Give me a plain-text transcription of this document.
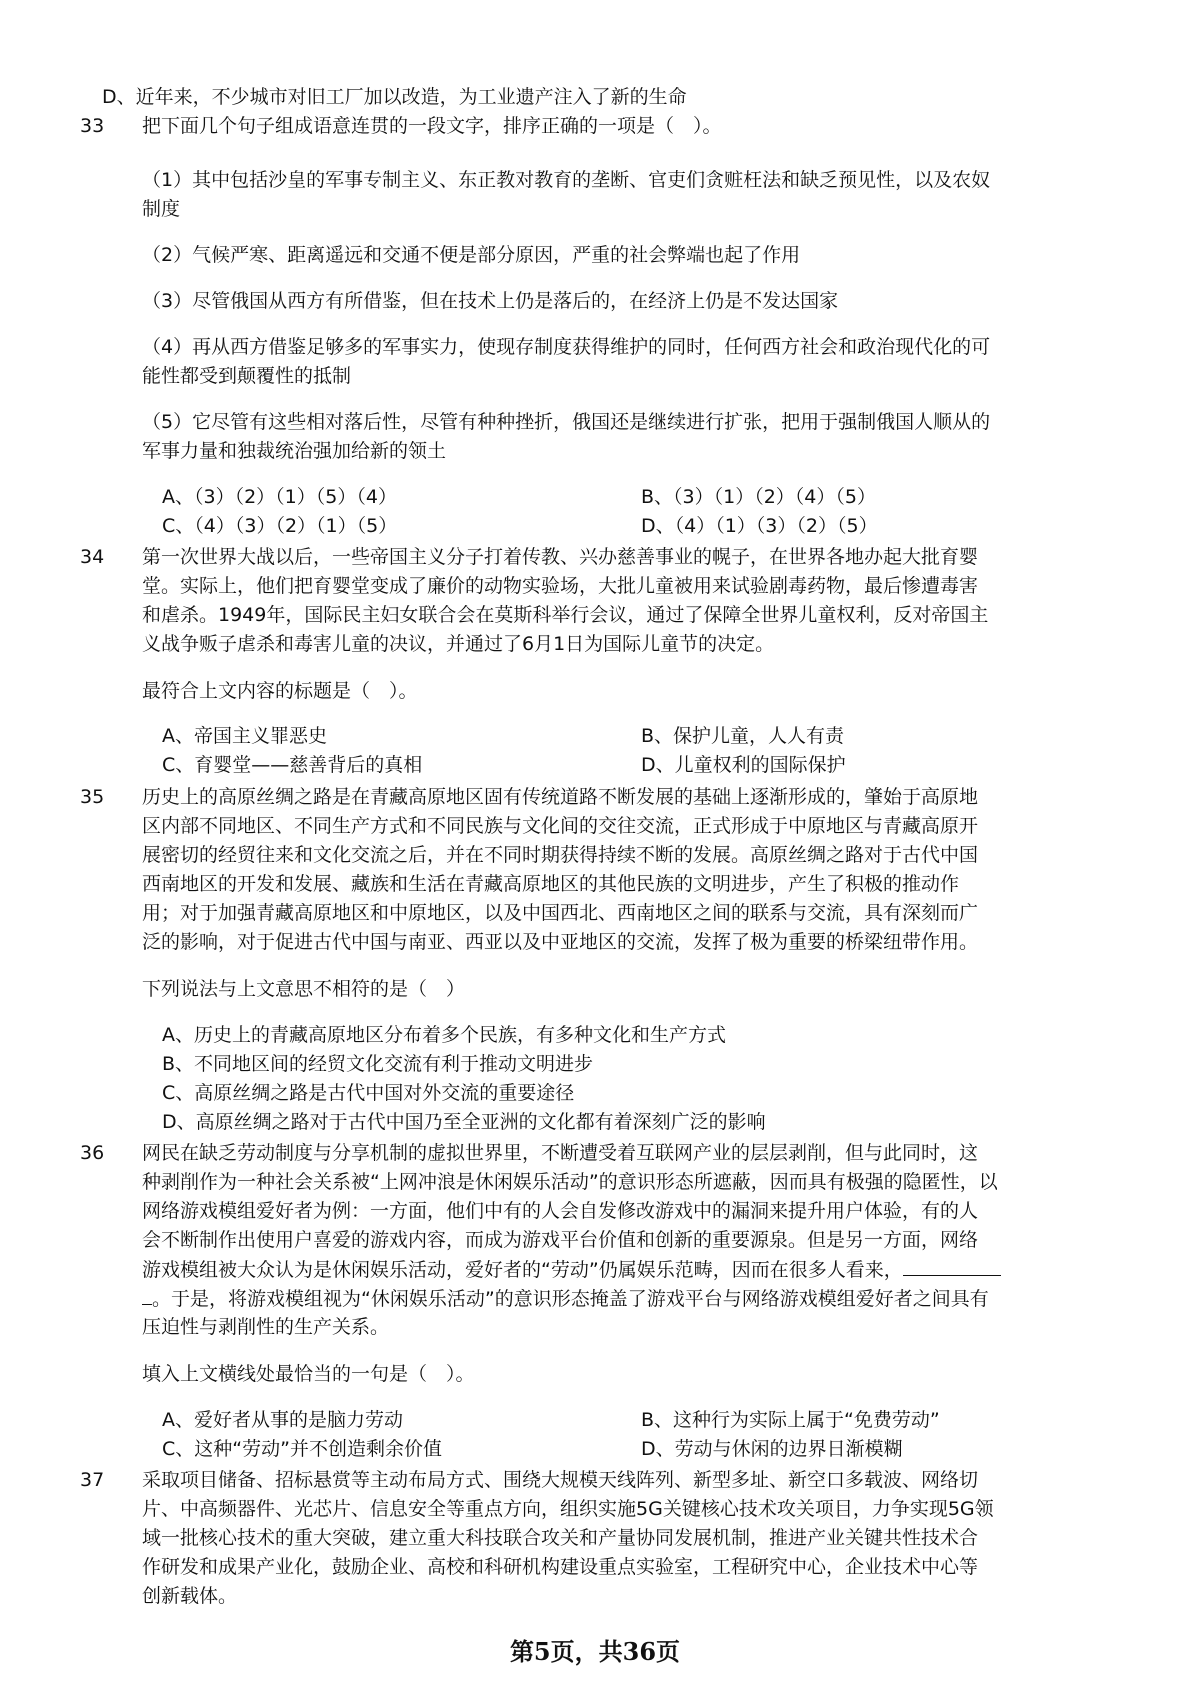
D、近年来，不少城市对旧工厂加以改造，为工业遗产注入了新的生命
33	把下面几个句子组成语意连贯的一段文字，排序正确的一项是（　）。
（1）其中包括沙皇的军事专制主义、东正教对教育的垄断、官吏们贪赃枉法和缺乏预见性，以及农奴
制度
（2）气候严寒、距离遥远和交通不便是部分原因，严重的社会弊端也起了作用
（3）尽管俄国从西方有所借鉴，但在技术上仍是落后的，在经济上仍是不发达国家
（4）再从西方借鉴足够多的军事实力，使现存制度获得维护的同时，任何西方社会和政治现代化的可
能性都受到颠覆性的抵制
（5）它尽管有这些相对落后性，尽管有种种挫折，俄国还是继续进行扩张，把用于强制俄国人顺从的
军事力量和独裁统治强加给新的领土
A、（3）（2）（1）（5）（4）	B、（3）（1）（2）（4）（5）
C、（4）（3）（2）（1）（5）	D、（4）（1）（3）（2）（5）
34	第一次世界大战以后，一些帝国主义分子打着传教、兴办慈善事业的幌子，在世界各地办起大批育婴
堂。实际上，他们把育婴堂变成了廉价的动物实验场，大批儿童被用来试验剧毒药物，最后惨遭毒害
和虐杀。1949年，国际民主妇女联合会在莫斯科举行会议，通过了保障全世界儿童权利，反对帝国主
义战争贩子虐杀和毒害儿童的决议，并通过了6月1日为国际儿童节的决定。
最符合上文内容的标题是（　）。
A、帝国主义罪恶史	B、保护儿童，人人有责
C、育婴堂——慈善背后的真相	D、儿童权利的国际保护
35	历史上的高原丝绸之路是在青藏高原地区固有传统道路不断发展的基础上逐渐形成的，肇始于高原地
区内部不同地区、不同生产方式和不同民族与文化间的交往交流，正式形成于中原地区与青藏高原开
展密切的经贸往来和文化交流之后，并在不同时期获得持续不断的发展。高原丝绸之路对于古代中国
西南地区的开发和发展、藏族和生活在青藏高原地区的其他民族的文明进步，产生了积极的推动作
用；对于加强青藏高原地区和中原地区，以及中国西北、西南地区之间的联系与交流，具有深刻而广
泛的影响，对于促进古代中国与南亚、西亚以及中亚地区的交流，发挥了极为重要的桥梁纽带作用。
下列说法与上文意思不相符的是（　）
A、历史上的青藏高原地区分布着多个民族，有多种文化和生产方式
B、不同地区间的经贸文化交流有利于推动文明进步
C、高原丝绸之路是古代中国对外交流的重要途径
D、高原丝绸之路对于古代中国乃至全亚洲的文化都有着深刻广泛的影响
36	网民在缺乏劳动制度与分享机制的虚拟世界里，不断遭受着互联网产业的层层剥削，但与此同时，这
种剥削作为一种社会关系被“上网冲浪是休闲娱乐活动”的意识形态所遮蔽，因而具有极强的隐匿性，以
网络游戏模组爱好者为例：一方面，他们中有的人会自发修改游戏中的漏洞来提升用户体验，有的人
会不断制作出使用户喜爱的游戏内容，而成为游戏平台价值和创新的重要源泉。但是另一方面，网络
游戏模组被大众认为是休闲娱乐活动，爱好者的“劳动”仍属娱乐范畴，因而在很多人看来，
。于是，将游戏模组视为“休闲娱乐活动”的意识形态掩盖了游戏平台与网络游戏模组爱好者之间具有
压迫性与剥削性的生产关系。
填入上文横线处最恰当的一句是（　）。
A、爱好者从事的是脑力劳动	B、这种行为实际上属于“免费劳动”
C、这种“劳动”并不创造剩余价值	D、劳动与休闲的边界日渐模糊
37	采取项目储备、招标悬赏等主动布局方式、围绕大规模天线阵列、新型多址、新空口多载波、网络切
片、中高频器件、光芯片、信息安全等重点方向，组织实施5G关键核心技术攻关项目，力争实现5G领
域一批核心技术的重大突破，建立重大科技联合攻关和产量协同发展机制，推进产业关键共性技术合
作研发和成果产业化，鼓励企业、高校和科研机构建设重点实验室，工程研究中心，企业技术中心等
创新载体。
第5页，共36页
